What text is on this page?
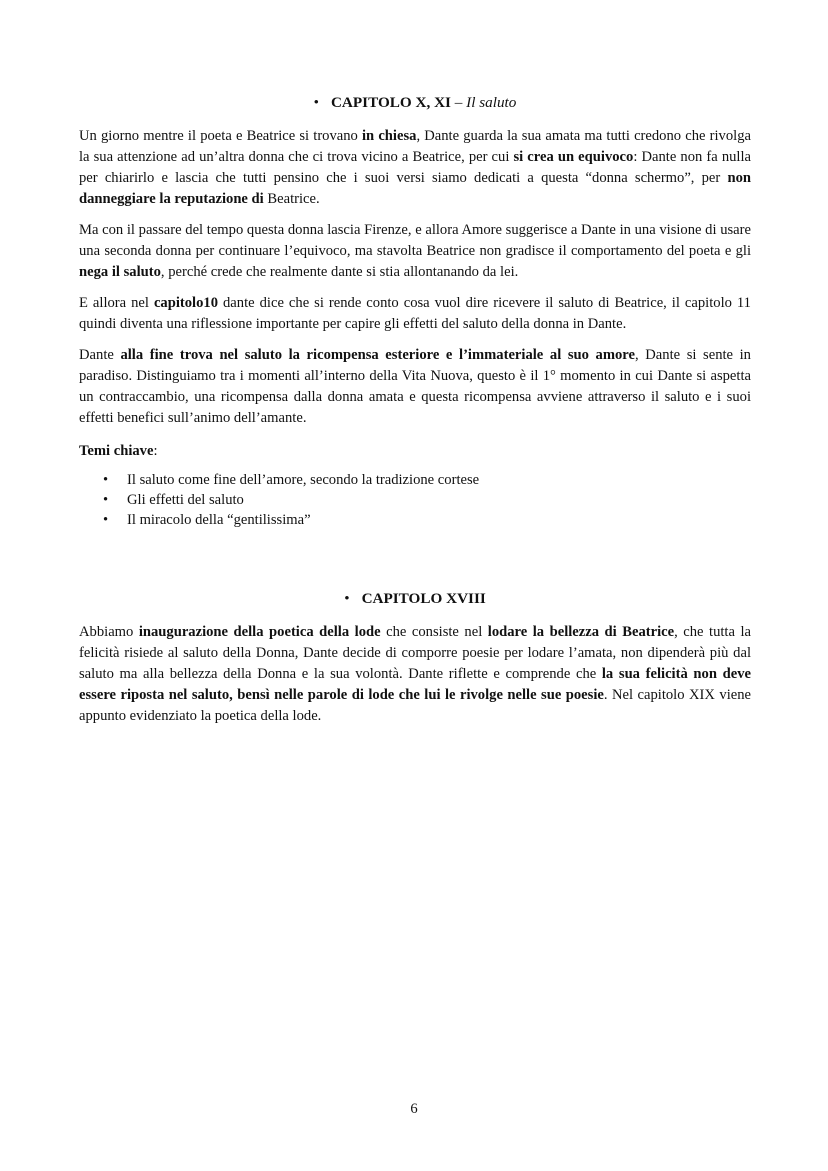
• CAPITOLO X, XI – Il saluto

Un giorno mentre il poeta e Beatrice si trovano in chiesa, Dante guarda la sua amata ma tutti credono che rivolga la sua attenzione ad un’altra donna che ci trova vicino a Beatrice, per cui si crea un equivoco: Dante non fa nulla per chiarirlo e lascia che tutti pensino che i suoi versi siamo dedicati a questa “donna schermo”, per non danneggiare la reputazione di Beatrice.

Ma con il passare del tempo questa donna lascia Firenze, e allora Amore suggerisce a Dante in una visione di usare una seconda donna per continuare l’equivoco, ma stavolta Beatrice non gradisce il comportamento del poeta e gli nega il saluto, perché crede che realmente dante si stia allontanando da lei.

E allora nel capitolo10 dante dice che si rende conto cosa vuol dire ricevere il saluto di Beatrice, il capitolo 11 quindi diventa una riflessione importante per capire gli effetti del saluto della donna in Dante.

Dante alla fine trova nel saluto la ricompensa esteriore e l’immateriale al suo amore, Dante si sente in paradiso. Distinguiamo tra i momenti all’interno della Vita Nuova, questo è il 1° momento in cui Dante si aspetta un contraccambio, una ricompensa dalla donna amata e questa ricompensa avviene attraverso il saluto e i suoi effetti benefici sull’animo dell’amante.

Temi chiave:
• Il saluto come fine dell’amore, secondo la tradizione cortese
• Gli effetti del saluto
• Il miracolo della “gentilissima”
• CAPITOLO XVIII

Abbiamo inaugurazione della poetica della lode che consiste nel lodare la bellezza di Beatrice, che tutta la felicità risiede al saluto della Donna, Dante decide di comporre poesie per lodare l’amata, non dipenderà più dal saluto ma alla bellezza della Donna e la sua volontà. Dante riflette e comprende che la sua felicità non deve essere riposta nel saluto, bensì nelle parole di lode che lui le rivolge nelle sue poesie. Nel capitolo XIX viene appunto evidenziato la poetica della lode.

6
